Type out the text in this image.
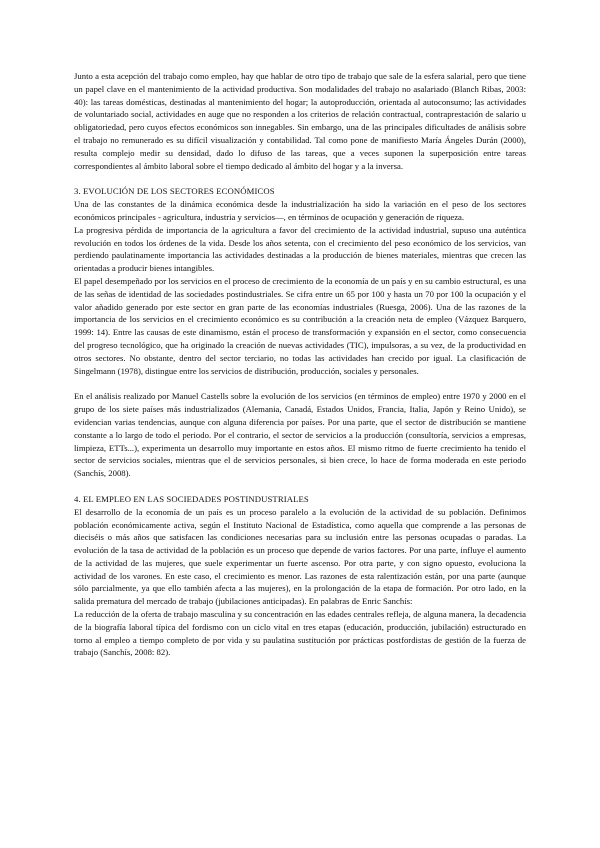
Junto a esta acepción del trabajo como empleo, hay que hablar de otro tipo de trabajo que sale de la esfera salarial, pero que tiene un papel clave en el mantenimiento de la actividad productiva. Son modalidades del trabajo no asalariado (Blanch Ribas, 2003: 40): las tareas domésticas, destinadas al mantenimiento del hogar; la autoproducción, orientada al autoconsumo; las actividades de voluntariado social, actividades en auge que no responden a los criterios de relación contractual, contraprestación de salario u obligatoriedad, pero cuyos efectos económicos son innegables. Sin embargo, una de las principales dificultades de análisis sobre el trabajo no remunerado es su difícil visualización y contabilidad. Tal como pone de manifiesto María Ángeles Durán (2000), resulta complejo medir su densidad, dado lo difuso de las tareas, que a veces suponen la superposición entre tareas correspondientes al ámbito laboral sobre el tiempo dedicado al ámbito del hogar y a la inversa.

3. EVOLUCIÓN DE LOS SECTORES ECONÓMICOS

Una de las constantes de la dinámica económica desde la industrialización ha sido la variación en el peso de los sectores económicos principales - agricultura, industria y servicios—, en términos de ocupación y generación de riqueza.

La progresiva pérdida de importancia de la agricultura a favor del crecimiento de la actividad industrial, supuso una auténtica revolución en todos los órdenes de la vida. Desde los años setenta, con el crecimiento del peso económico de los servicios, van perdiendo paulatinamente importancia las actividades destinadas a la producción de bienes materiales, mientras que crecen las orientadas a producir bienes intangibles.

El papel desempeñado por los servicios en el proceso de crecimiento de la economía de un país y en su cambio estructural, es una de las señas de identidad de las sociedades postindustriales. Se cifra entre un 65 por 100 y hasta un 70 por 100 la ocupación y el valor añadido generado por este sector en gran parte de las economías industriales (Ruesga, 2006). Una de las razones de la importancia de los servicios en el crecimiento económico es su contribución a la creación neta de empleo (Vázquez Barquero, 1999: 14). Entre las causas de este dinamismo, están el proceso de transformación y expansión en el sector, como consecuencia del progreso tecnológico, que ha originado la creación de nuevas actividades (TIC), impulsoras, a su vez, de la productividad en otros sectores. No obstante, dentro del sector terciario, no todas las actividades han crecido por igual. La clasificación de Singelmann (1978), distingue entre los servicios de distribución, producción, sociales y personales.

En el análisis realizado por Manuel Castells sobre la evolución de los servicios (en términos de empleo) entre 1970 y 2000 en el grupo de los siete países más industrializados (Alemania, Canadá, Estados Unidos, Francia, Italia, Japón y Reino Unido), se evidencian varias tendencias, aunque con alguna diferencia por países. Por una parte, que el sector de distribución se mantiene constante a lo largo de todo el periodo. Por el contrario, el sector de servicios a la producción (consultoría, servicios a empresas, limpieza, ETTs...), experimenta un desarrollo muy importante en estos años. El mismo ritmo de fuerte crecimiento ha tenido el sector de servicios sociales, mientras que el de servicios personales, si bien crece, lo hace de forma moderada en este periodo (Sanchís, 2008).

4. EL EMPLEO EN LAS SOCIEDADES POSTINDUSTRIALES

El desarrollo de la economía de un país es un proceso paralelo a la evolución de la actividad de su población. Definimos población económicamente activa, según el Instituto Nacional de Estadística, como aquella que comprende a las personas de dieciséis o más años que satisfacen las condiciones necesarias para su inclusión entre las personas ocupadas o paradas. La evolución de la tasa de actividad de la población es un proceso que depende de varios factores. Por una parte, influye el aumento de la actividad de las mujeres, que suele experimentar un fuerte ascenso. Por otra parte, y con signo opuesto, evoluciona la actividad de los varones. En este caso, el crecimiento es menor. Las razones de esta ralentización están, por una parte (aunque sólo parcialmente, ya que ello también afecta a las mujeres), en la prolongación de la etapa de formación. Por otro lado, en la salida prematura del mercado de trabajo (jubilaciones anticipadas). En palabras de Enric Sanchís:

La reducción de la oferta de trabajo masculina y su concentración en las edades centrales refleja, de alguna manera, la decadencia de la biografía laboral típica del fordismo con un ciclo vital en tres etapas (educación, producción, jubilación) estructurado en torno al empleo a tiempo completo de por vida y su paulatina sustitución por prácticas postfordistas de gestión de la fuerza de trabajo (Sanchís, 2008: 82).
